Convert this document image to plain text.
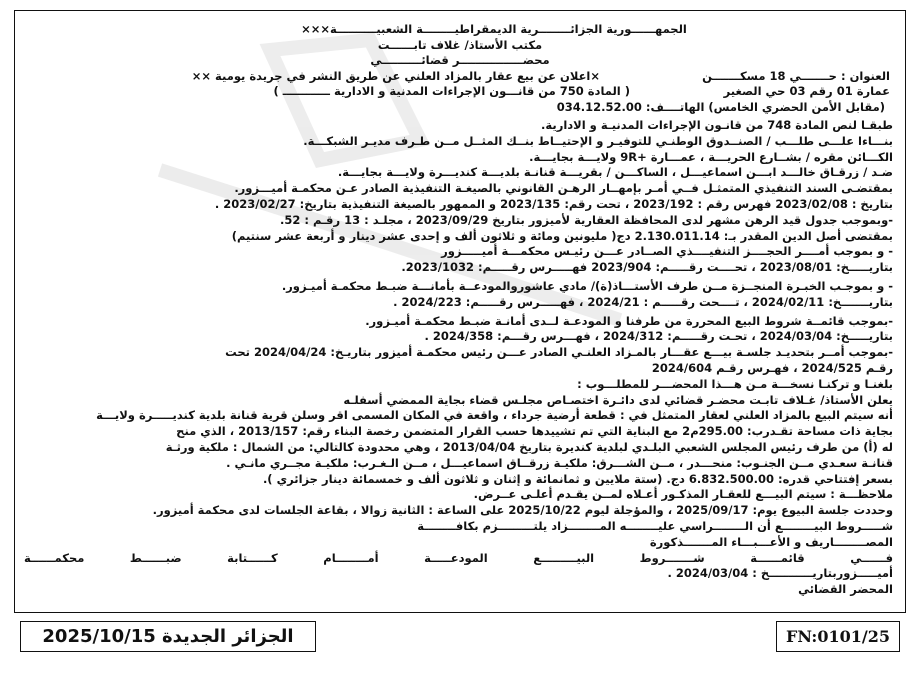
الجمهــــــورية الجزائــــــــرية الديمقراطيــــــــة الشعبيــــــــــة×××
مكتب الأستاذ/ غلاف تابــــــت
محضــــــــــــــــر قضائــــــــــي
العنوان : حـــــــي 18 مسكـــــــن
×اعلان عن بيع عقار بالمزاد العلني عن طريق النشر في جريدة يومية ××
عمارة 01 رقم 03 حي الصغير
( المادة 750 من قانـــون الإجراءات المدنية و الادارية ــــــــــــ )
(مقابل الأمن الحضري الخامس) الهاتــــف: 034.12.52.00
طبقـا لنص المادة 748 من قانـون الإجراءات المدنيـة و الادارية.
بنـــاءا علـــى طلـــب / الصنــدوق الوطنـي للتوفيـر و الإحتيــاط بنــك المثــل مــن طـرف مديـر الشبكـــة.
الكـــائن مقره / بشــارع الحريـــة ، عمـــارة +9R ولايـــة بجايـــة.
ضـد / زرقـاق خالـــد ابـــن اسماعيـــل ، الساكـــن / بقريـــة قنانـة بلديـــة كنديـــرة ولايـــة بجايـــة.
بمقتضـى السند التنفيذي المتمثـل فــي أمـر بإمهــار الرهـن القانوني بالصيغـة التنفيذية الصادر عـن محكمـة أميـــزور.
بتاريخ : 2023/02/08 فهرس رقم : 2023/192 ، تحت رقم: 2023/135 و الممهور بالصيغة التنفيذية بتاريخ: 2023/02/27 .
-وبموجب جدول قيد الرهن مشهر لدى المحافظة العقارية لأميزور بتاريخ 2023/09/29 ، مجلـد : 13 رقـم : 52.
بمقتضى أصل الدين المقدر بـ: 2.130.011.14 دج( مليونين ومائة و ثلاثون ألف و إحدى عشر دينار و أربعة عشر سنتيم)
- و بموجب أمــــر الحجــــز التنفيــــذي الصــادر عـــن رئيـس محكمـــة أميـــــزور
بتاريـــــخ: 2023/08/01 ، تحــــت رقـــــم: 2023/904 فهـــــرس رقـــــم: 2023/1032.
- و بموجـب الخبـرة المنجــزة مــن طرف الأستـــاذ(ة)/ مادي عاشوروالمودعــة بأمانـــة ضبـط محكمـة أميـزور.
بتاريـــــــخ: 2024/02/11 ، تــــحت رقـــــم : 2024/21 ، فهـــــرس رقـــــم: 2024/223 .
-بموجب قائمــة شروط البيع المحررة من طرفنا و المودعـة لــدى أمانـة ضبـط محكمـة أميـزور.
بتاريـــــخ: 2024/03/04 ، تحـت رقـــــم: 2024/312 ، فهـــرس رقـــم: 2024/358 .
-بموجب أمــر بتحديـد جلسـة بيـــع عقـــار بالمـزاد العلنـي الصادر عـــن رئيس محكمـة أميزور بتاريـخ: 2024/04/24 تحت
رقـم 2024/525 ، فهـرس رقـم 2024/604
بلغنـا و تركنـا نسخـــة مـن هـــذا المحضـــر للمطلـــوب :
يعلن الأستاذ/ غـلاف تابـت محضـر قضائي لدى دائـرة اختصـاص مجلـس قضاء بجاية الممضي أسفلـه
أنه سيتم البيع بالمزاد العلني لعقار المتمثل في : قطعة أرضية جرداء ، واقعة في المكان المسمى اقر وسلن قرية قنانة بلدية كنديـــــرة ولايـــة
بجاية ذات مساحة تقـدرب: 295.00م2 مع البناية التي تم تشييدها حسب القرار المتضمن رخصة البناء رقم: 2013/157 ، الذي منح
له (أ) من طرف رئيس المجلس الشعبي البلـدي لبلدية كنديرة بتاريخ 2013/04/04 ، وهي محدودة كالتالي: من الشمال : ملكية ورثـة
قنانـة سعـدي مــن الجنـوب: منحـــدر ، مــن الشـــرق: ملكيـة زرقــاق اسماعيـــل ، مــن الـغـرب: ملكيـة مجــري مانـي .
بسعر إفتتاحي قدره: 6.832.500.00 دج. (ستة ملايين و ثمانمائة و إثنان و ثلاثون ألف و خمسمائة دينار جزائري ).
ملاحظـــة : سيتم البيـــع للعقـار المذكـور أعـلاه لمــن يقـدم أعلـى عــرض.
وحددت جلسة البيوع يوم: 2025/09/17 ، والمؤجلة ليوم 2025/10/22 على الساعة : الثانية زوالا ، بقاعة الجلسات لدى محكمة أميزور.
شـــــروط البيــــــــع أن الــــــــراسي عليــــــــه المــــــــزاد يلتـــــــــزم بكافــــــــة
المصــــــــاريف و الأعـــبـــاء المـــــــذكورة
فــــــي قائمــــــة شـــــــروط البيـــــــــع المودعـــــة أمــــــــام كــــــتابة ضبــــــط محكمــــــة
أميـــــزوربتاريـــــــــــخ : 2024/03/04 .
المحضر القضائي
الجزائر الجديدة 2025/10/15	FN:0101/25
